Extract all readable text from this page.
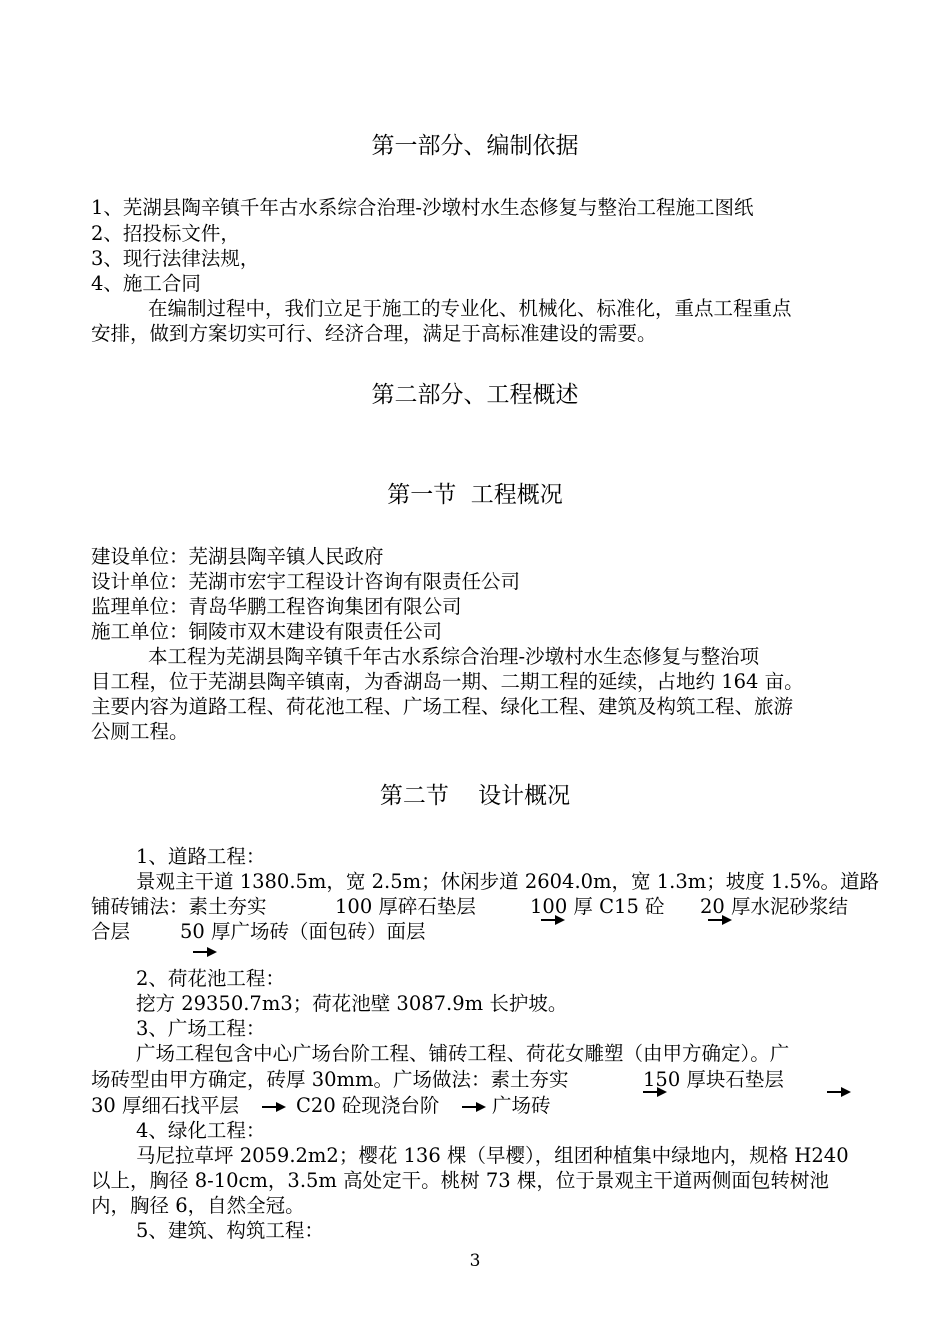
第一部分、编制依据
1、芜湖县陶辛镇千年古水系综合治理-沙墩村水生态修复与整治工程施工图纸
2、招投标文件，
3、现行法律法规，
4、施工合同
在编制过程中，我们立足于施工的专业化、机械化、标准化，重点工程重点
安排，做到方案切实可行、经济合理，满足于高标准建设的需要。
第二部分、工程概述
第一节  工程概况
建设单位：芜湖县陶辛镇人民政府
设计单位：芜湖市宏宇工程设计咨询有限责任公司
监理单位：青岛华鹏工程咨询集团有限公司
施工单位：铜陵市双木建设有限责任公司
本工程为芜湖县陶辛镇千年古水系综合治理-沙墩村水生态修复与整治项
目工程，位于芜湖县陶辛镇南，为香湖岛一期、二期工程的延续，占地约 164 亩。
主要内容为道路工程、荷花池工程、广场工程、绿化工程、建筑及构筑工程、旅游
公厕工程。
第二节    设计概况
1、道路工程：
景观主干道 1380.5m，宽 2.5m；休闲步道 2604.0m，宽 1.3m；坡度 1.5%。道路
铺砖铺法：素土夯实	100 厚碎石垫层	100 厚 C15 砼 20 厚水泥砂浆结
合层	50 厚广场砖（面包砖）面层
2、荷花池工程：
挖方 29350.7m3；荷花池壁 3087.9m 长护坡。
3、广场工程：
广场工程包含中心广场台阶工程、铺砖工程、荷花女雕塑（由甲方确定）。广
场砖型由甲方确定，砖厚 30mm。广场做法：素土夯实	150 厚块石垫层
30 厚细石找平层	C20 砼现浇台阶	广场砖
4、绿化工程：
马尼拉草坪 2059.2m2；樱花 136 棵（早樱），组团种植集中绿地内，规格 H240
以上，胸径 8-10cm，3.5m 高处定干。桃树 73 棵，位于景观主干道两侧面包转树池
内，胸径 6，自然全冠。
5、建筑、构筑工程：
3
